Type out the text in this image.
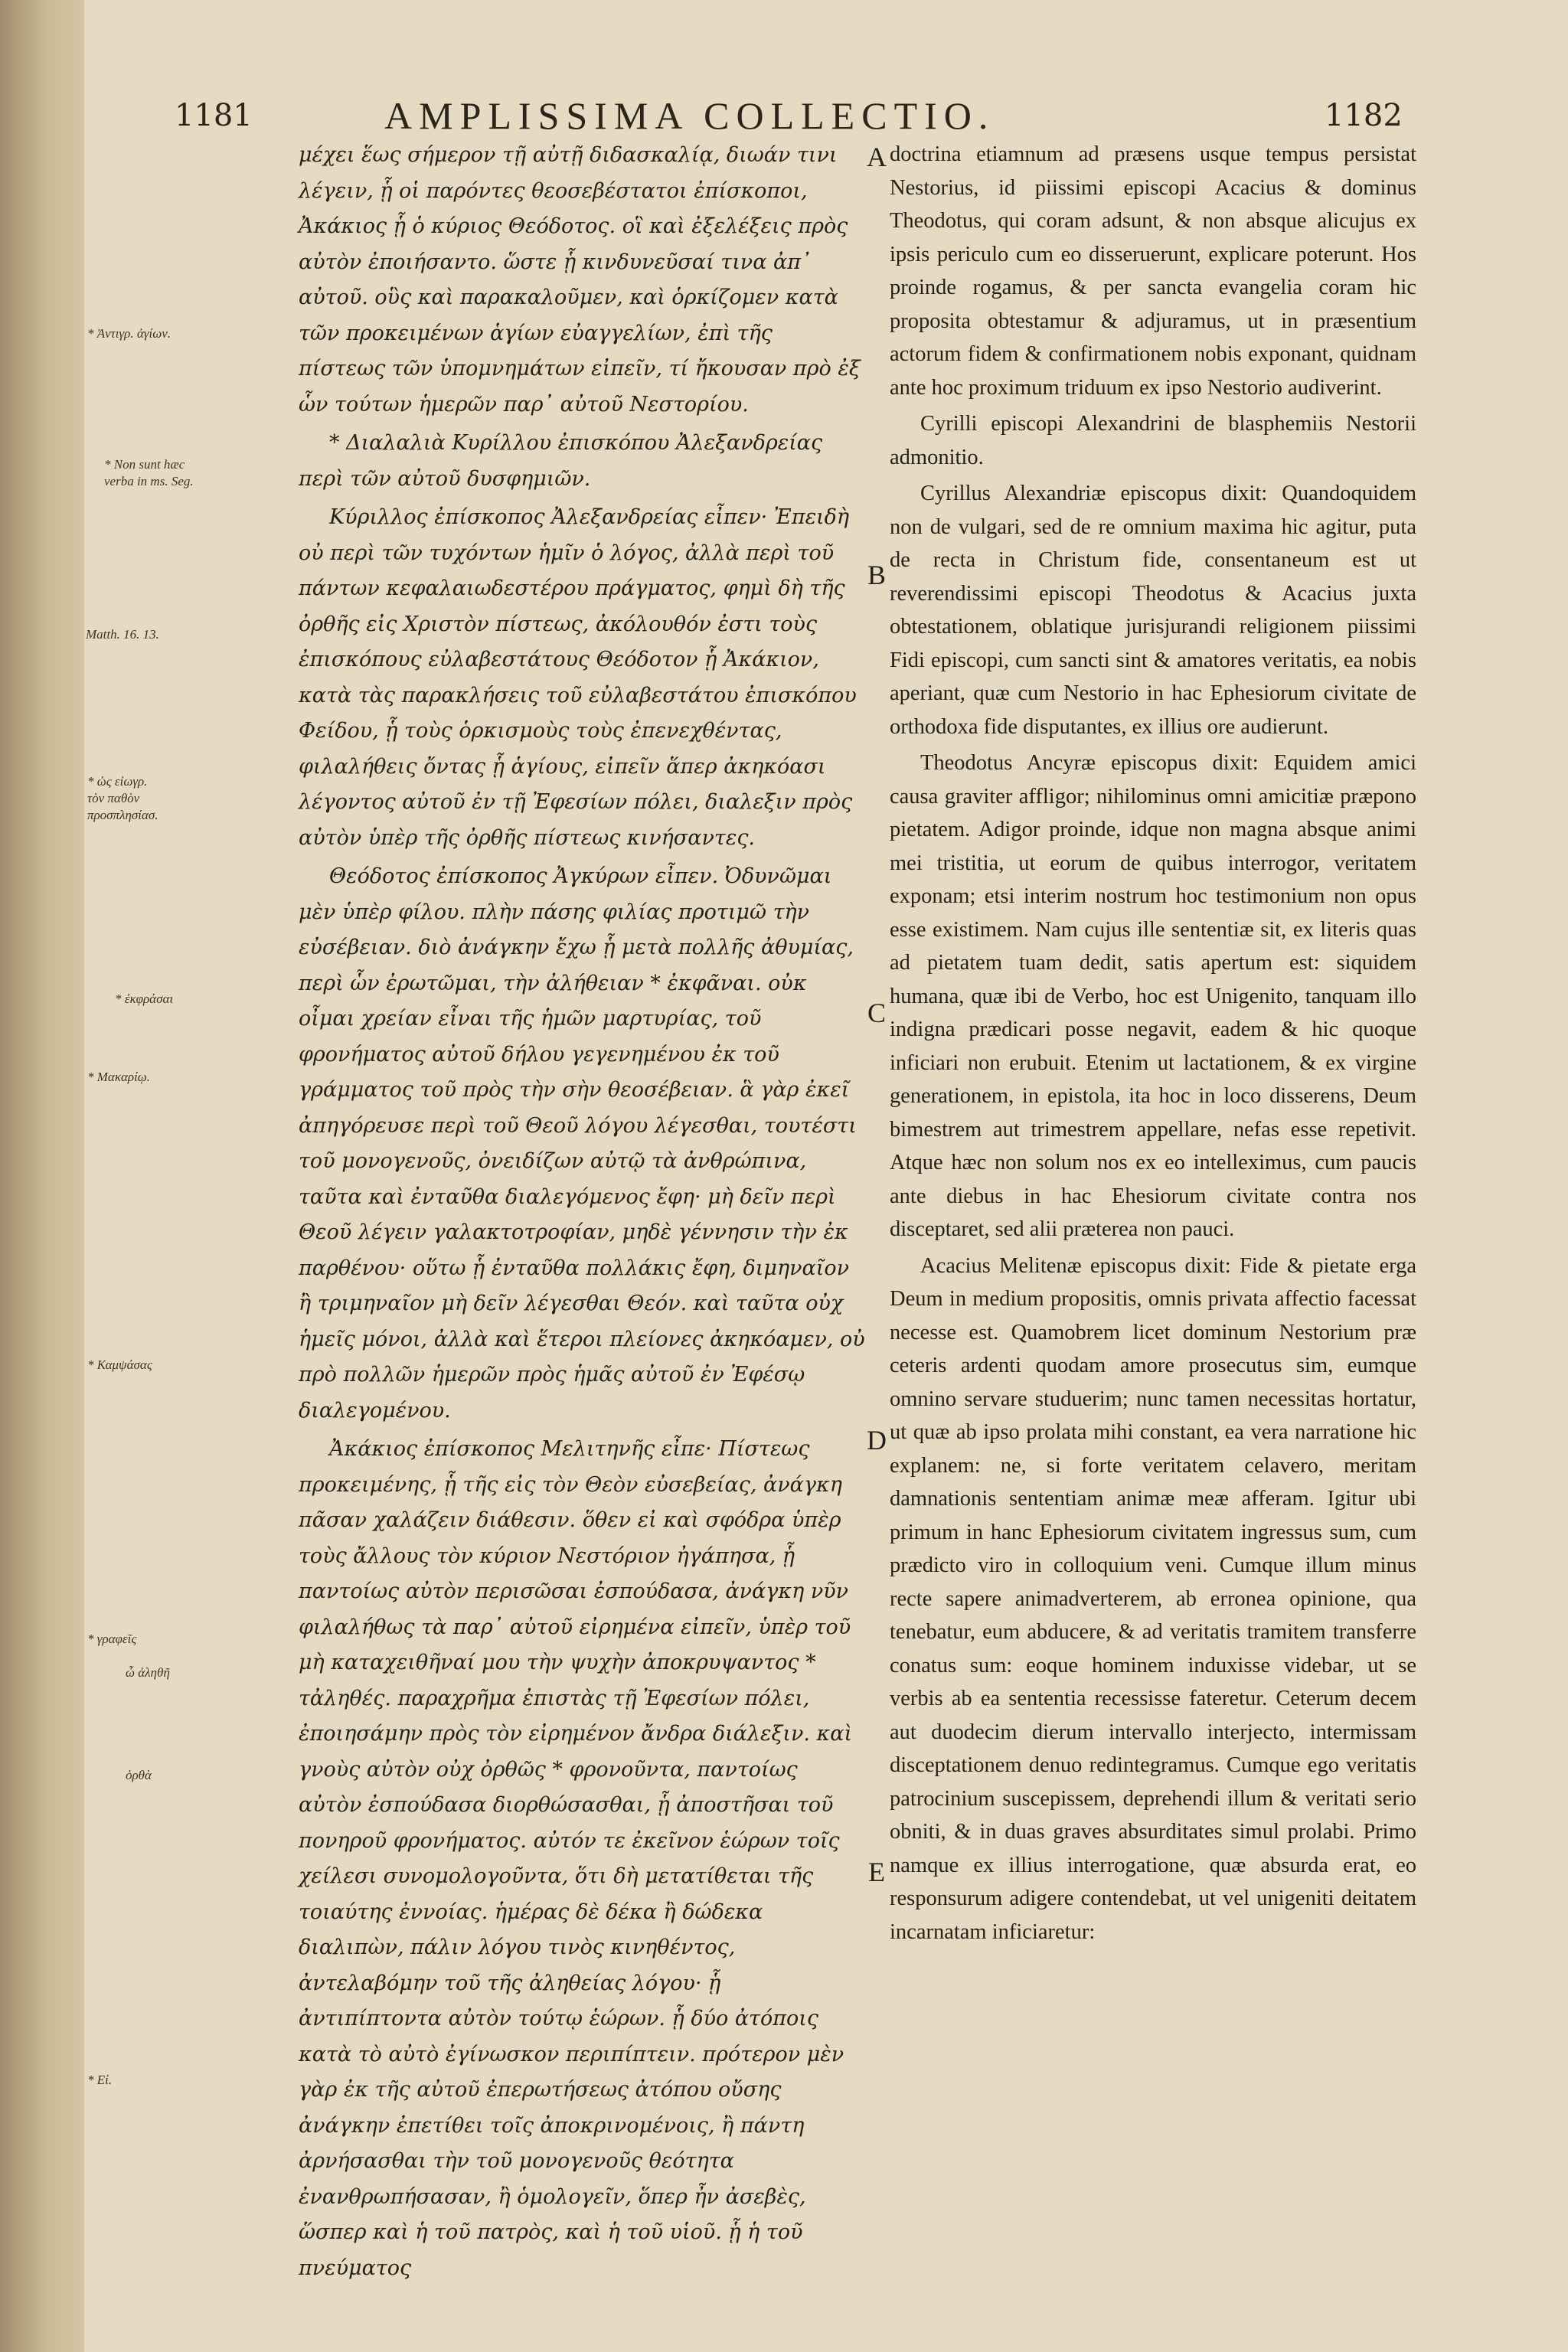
1181	AMPLISSIMA COLLECTIO.	1182
* Ἀντιγρ. ἀγίων.
* Non sunt hæc verba in ms. Seg.
Matth. 16. 13.
* ὡς εἰωγρ. τὸν παθὸν προσπλησίασ.
* ἐκφράσαι
* Μακαρίῳ.
* Καμψάσας
* γραφεῖς
ὦ ἀληθῆ
ὀρθὰ
* Εἰ.

μέχει ἕως σήμερον τῇ αὐτῇ διδασκαλίᾳ, διωάν τινι λέγειν, ᾗ οἱ παρόντες θεοσεβέστατοι ἐπίσκοποι, Ἀκάκιος ᾗ ὁ κύριος Θεόδοτος. οἳ καὶ ἐξελέξεις πρὸς αὐτὸν ἐποιήσαντο. ὥστε ᾗ κινδυνεῦσαί τινα ἀπ᾽ αὐτοῦ. οὓς καὶ παρακαλοῦμεν, καὶ ὁρκίζομεν κατὰ τῶν προκειμένων ἁγίων εὐαγγελίων, ἐπὶ τῆς πίστεως τῶν ὑπομνημάτων εἰπεῖν, τί ἤκουσαν πρὸ ἐξ ὧν τούτων ἡμερῶν παρ᾽ αὐτοῦ Νεστορίου.

* Διαλαλιὰ Κυρίλλου ἐπισκόπου Ἀλεξανδρείας περὶ τῶν αὐτοῦ δυσφημιῶν.

Κύριλλος ἐπίσκοπος Ἀλεξανδρείας εἶπεν· Ἐπειδὴ οὐ περὶ τῶν τυχόντων ἡμῖν ὁ λόγος, ἀλλὰ περὶ τοῦ πάντων κεφαλαιωδεστέρου πράγματος, φημὶ δὴ τῆς ὀρθῆς εἰς Χριστὸν πίστεως, ἀκόλουθόν ἐστι τοὺς ἐπισκόπους εὐλαβεστάτους Θεόδοτον ᾗ Ἀκάκιον, κατὰ τὰς παρακλήσεις τοῦ εὐλαβεστάτου ἐπισκόπου Φείδου, ᾗ τοὺς ὁρκισμοὺς τοὺς ἐπενεχθέντας, φιλαλήθεις ὄντας ᾗ ἁγίους, εἰπεῖν ἅπερ ἀκηκόασι λέγοντος αὐτοῦ ἐν τῇ Ἐφεσίων πόλει, διαλεξιν πρὸς αὐτὸν ὑπὲρ τῆς ὀρθῆς πίστεως κινήσαντες.

Θεόδοτος ἐπίσκοπος Ἀγκύρων εἶπεν. Ὀδυνῶμαι μὲν ὑπὲρ φίλου. πλὴν πάσης φιλίας προτιμῶ τὴν εὐσέβειαν. διὸ ἀνάγκην ἔχω ᾗ μετὰ πολλῆς ἀθυμίας, περὶ ὧν ἐρωτῶμαι, τὴν ἀλήθειαν * ἐκφᾶναι. οὐκ οἶμαι χρείαν εἶναι τῆς ἡμῶν μαρτυρίας, τοῦ φρονήματος αὐτοῦ δήλου γεγενημένου ἐκ τοῦ γράμματος τοῦ πρὸς τὴν σὴν θεοσέβειαν. ἃ γὰρ ἐκεῖ ἀπηγόρευσε περὶ τοῦ Θεοῦ λόγου λέγεσθαι, τουτέστι τοῦ μονογενοῦς, ὀνειδίζων αὐτῷ τὰ ἀνθρώπινα, ταῦτα καὶ ἐνταῦθα διαλεγόμενος ἔφη· μὴ δεῖν περὶ Θεοῦ λέγειν γαλακτοτροφίαν, μηδὲ γέννησιν τὴν ἐκ παρθένου· οὕτω ᾗ ἐνταῦθα πολλάκις ἔφη, διμηναῖον ἢ τριμηναῖον μὴ δεῖν λέγεσθαι Θεόν. καὶ ταῦτα οὐχ ἡμεῖς μόνοι, ἀλλὰ καὶ ἕτεροι πλείονες ἀκηκόαμεν, οὐ πρὸ πολλῶν ἡμερῶν πρὸς ἡμᾶς αὐτοῦ ἐν Ἐφέσῳ διαλεγομένου.

Ἀκάκιος ἐπίσκοπος Μελιτηνῆς εἶπε· Πίστεως προκειμένης, ᾗ τῆς εἰς τὸν Θεὸν εὐσεβείας, ἀνάγκη πᾶσαν χαλάζειν διάθεσιν. ὅθεν εἰ καὶ σφόδρα ὑπὲρ τοὺς ἄλλους τὸν κύριον Νεστόριον ἠγάπησα, ᾗ παντοίως αὐτὸν περισῶσαι ἐσπούδασα, ἀνάγκη νῦν φιλαλήθως τὰ παρ᾽ αὐτοῦ εἰρημένα εἰπεῖν, ὑπὲρ τοῦ μὴ καταχειθῆναί μου τὴν ψυχὴν ἀποκρυψαντος * τἀληθές. παραχρῆμα ἐπιστὰς τῇ Ἐφεσίων πόλει, ἐποιησάμην πρὸς τὸν εἰρημένον ἄνδρα διάλεξιν. καὶ γνοὺς αὐτὸν οὐχ ὀρθῶς * φρονοῦντα, παντοίως αὐτὸν ἐσπούδασα διορθώσασθαι, ᾗ ἀποστῆσαι τοῦ πονηροῦ φρονήματος. αὐτόν τε ἐκεῖνον ἑώρων τοῖς χείλεσι συνομολογοῦντα, ὅτι δὴ μετατίθεται τῆς τοιαύτης ἐννοίας. ἡμέρας δὲ δέκα ἢ δώδεκα διαλιπὼν, πάλιν λόγου τινὸς κινηθέντος, ἀντελαβόμην τοῦ τῆς ἀληθείας λόγου· ᾗ ἀντιπίπτοντα αὐτὸν τούτῳ ἑώρων. ᾗ δύο ἀτόποις κατὰ τὸ αὐτὸ ἐγίνωσκον περιπίπτειν. πρότερον μὲν γὰρ ἐκ τῆς αὐτοῦ ἐπερωτήσεως ἀτόπου οὔσης ἀνάγκην ἐπετίθει τοῖς ἀποκρινομένοις, ἢ πάντη ἀρνήσασθαι τὴν τοῦ μονογενοῦς θεότητα ἐνανθρωπήσασαν, ἢ ὁμολογεῖν, ὅπερ ἦν ἀσεβὲς, ὥσπερ καὶ ἡ τοῦ πατρὸς, καὶ ἡ τοῦ υἱοῦ. ᾗ ἡ τοῦ πνεύματος

A
B
C
D
E

doctrina etiamnum ad præsens usque tempus persistat Nestorius, id piissimi episcopi Acacius & dominus Theodotus, qui coram adsunt, & non absque alicujus ex ipsis periculo cum eo disseruerunt, explicare poterunt. Hos proinde rogamus, & per sancta evangelia coram hic proposita obtestamur & adjuramus, ut in præsentium actorum fidem & confirmationem nobis exponant, quidnam ante hoc proximum triduum ex ipso Nestorio audiverint.

Cyrilli episcopi Alexandrini de blasphemiis Nestorii admonitio.

Cyrillus Alexandriæ episcopus dixit: Quandoquidem non de vulgari, sed de re omnium maxima hic agitur, puta de recta in Christum fide, consentaneum est ut reverendissimi episcopi Theodotus & Acacius juxta obtestationem, oblatique jurisjurandi religionem piissimi Fidi episcopi, cum sancti sint & amatores veritatis, ea nobis aperiant, quæ cum Nestorio in hac Ephesiorum civitate de orthodoxa fide disputantes, ex illius ore audierunt.

Theodotus Ancyræ episcopus dixit: Equidem amici causa graviter affligor; nihilominus omni amicitiæ præpono pietatem. Adigor proinde, idque non magna absque animi mei tristitia, ut eorum de quibus interrogor, veritatem exponam; etsi interim nostrum hoc testimonium non opus esse existimem. Nam cujus ille sententiæ sit, ex literis quas ad pietatem tuam dedit, satis apertum est: siquidem humana, quæ ibi de Verbo, hoc est Unigenito, tanquam illo indigna prædicari posse negavit, eadem & hic quoque inficiari non erubuit. Etenim ut lactationem, & ex virgine generationem, in epistola, ita hoc in loco disserens, Deum bimestrem aut trimestrem appellare, nefas esse repetivit. Atque hæc non solum nos ex eo intelleximus, cum paucis ante diebus in hac Ehesiorum civitate contra nos disceptaret, sed alii præterea non pauci.

Acacius Melitenæ episcopus dixit: Fide & pietate erga Deum in medium propositis, omnis privata affectio facessat necesse est. Quamobrem licet dominum Nestorium præ ceteris ardenti quodam amore prosecutus sim, eumque omnino servare studuerim; nunc tamen necessitas hortatur, ut quæ ab ipso prolata mihi constant, ea vera narratione hic explanem: ne, si forte veritatem celavero, meritam damnationis sententiam animæ meæ afferam. Igitur ubi primum in hanc Ephesiorum civitatem ingressus sum, cum prædicto viro in colloquium veni. Cumque illum minus recte sapere animadverterem, ab erronea opinione, qua tenebatur, eum abducere, & ad veritatis tramitem transferre conatus sum: eoque hominem induxisse videbar, ut se verbis ab ea sententia recessisse fateretur. Ceterum decem aut duodecim dierum intervallo interjecto, intermissam disceptationem denuo redintegramus. Cumque ego veritatis patrocinium suscepissem, deprehendi illum & veritati serio obniti, & in duas graves absurditates simul prolabi. Primo namque ex illius interrogatione, quæ absurda erat, eo responsurum adigere contendebat, ut vel unigeniti deitatem incarnatam inficiaretur:
